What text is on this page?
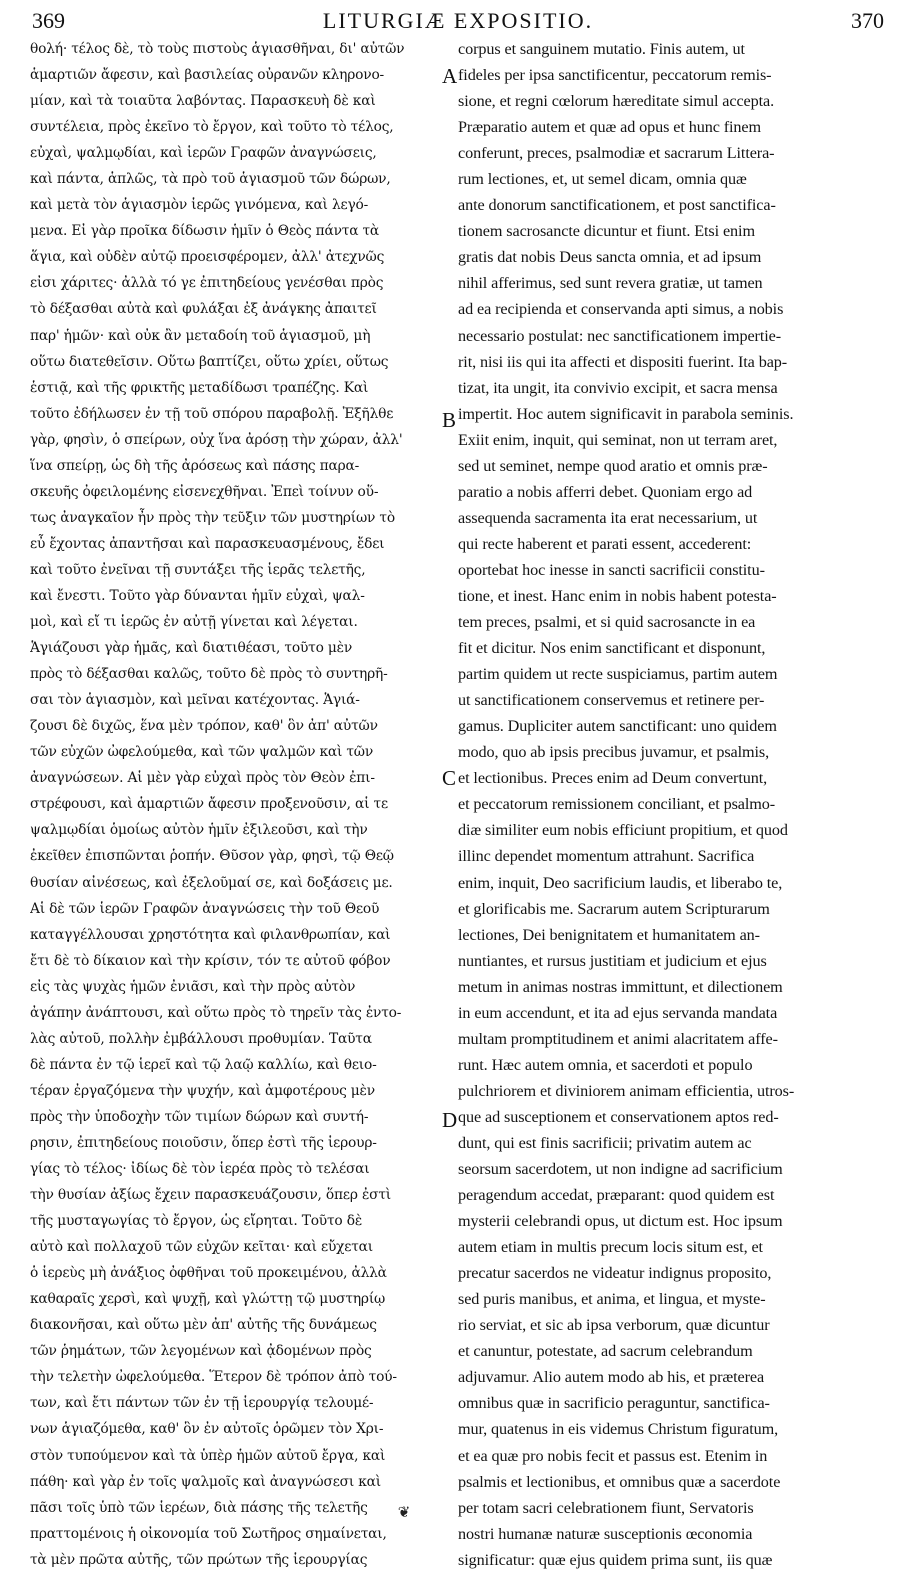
369	LITURGIÆ EXPOSITIO.	370
θολή· τέλος δὲ, τὸ τοὺς πιστοὺς ἁγιασθῆναι, δι' αὐτῶν
ἁμαρτιῶν ἄφεσιν, καὶ βασιλείας οὐρανῶν κληρονο-
μίαν, καὶ τὰ τοιαῦτα λαβόντας. Παρασκευὴ δὲ καὶ
συντέλεια, πρὸς ἐκεῖνο τὸ ἔργον, καὶ τοῦτο τὸ τέλος,
εὐχαὶ, ψαλμῳδίαι, καὶ ἱερῶν Γραφῶν ἀναγνώσεις,
καὶ πάντα, ἁπλῶς, τὰ πρὸ τοῦ ἁγιασμοῦ τῶν δώρων,
καὶ μετὰ τὸν ἁγιασμὸν ἱερῶς γινόμενα, καὶ λεγό-
μενα. Εἰ γὰρ προῖκα δίδωσιν ἡμῖν ὁ Θεὸς πάντα τὰ
ἅγια, καὶ οὐδὲν αὐτῷ προεισφέρομεν, ἀλλ' ἀτεχνῶς
εἰσι χάριτες· ἀλλὰ τό γε ἐπιτηδείους γενέσθαι πρὸς
τὸ δέξασθαι αὐτὰ καὶ φυλάξαι ἐξ ἀνάγκης ἀπαιτεῖ
παρ' ἡμῶν· καὶ οὐκ ἂν μεταδοίη τοῦ ἁγιασμοῦ, μὴ
οὕτω διατεθεῖσιν. Οὕτω βαπτίζει, οὕτω χρίει, οὕτως
ἑστιᾷ, καὶ τῆς φρικτῆς μεταδίδωσι τραπέζης. Καὶ
τοῦτο ἐδήλωσεν ἐν τῇ τοῦ σπόρου παραβολῇ. Ἐξῆλθε
γὰρ, φησὶν, ὁ σπείρων, οὐχ ἵνα ἀρόσῃ τὴν χώραν, ἀλλ'
ἵνα σπείρῃ, ὡς δὴ τῆς ἀρόσεως καὶ πάσης παρα-
σκευῆς ὀφειλομένης εἰσενεχθῆναι. Ἐπεὶ τοίνυν οὕ-
τως ἀναγκαῖον ἦν πρὸς τὴν τεῦξιν τῶν μυστηρίων τὸ
εὖ ἔχοντας ἀπαντῆσαι καὶ παρασκευασμένους, ἔδει
καὶ τοῦτο ἐνεῖναι τῇ συντάξει τῆς ἱερᾶς τελετῆς,
καὶ ἔνεστι. Τοῦτο γὰρ δύνανται ἡμῖν εὐχαὶ, ψαλ-
μοὶ, καὶ εἴ τι ἱερῶς ἐν αὐτῇ γίνεται καὶ λέγεται.
Ἁγιάζουσι γὰρ ἡμᾶς, καὶ διατιθέασι, τοῦτο μὲν
πρὸς τὸ δέξασθαι καλῶς, τοῦτο δὲ πρὸς τὸ συντηρῆ-
σαι τὸν ἁγιασμὸν, καὶ μεῖναι κατέχοντας. Ἁγιά-
ζουσι δὲ διχῶς, ἕνα μὲν τρόπον, καθ' ὃν ἀπ' αὐτῶν
τῶν εὐχῶν ὠφελούμεθα, καὶ τῶν ψαλμῶν καὶ τῶν
ἀναγνώσεων. Αἱ μὲν γὰρ εὐχαὶ πρὸς τὸν Θεὸν ἐπι-
στρέφουσι, καὶ ἁμαρτιῶν ἄφεσιν προξενοῦσιν, αἱ τε
ψαλμῳδίαι ὁμοίως αὐτὸν ἡμῖν ἐξιλεοῦσι, καὶ τὴν
ἐκεῖθεν ἐπισπῶνται ῥοπήν. Θῦσον γὰρ, φησὶ, τῷ Θεῷ
θυσίαν αἰνέσεως, καὶ ἐξελοῦμαί σε, καὶ δοξάσεις με.
Αἱ δὲ τῶν ἱερῶν Γραφῶν ἀναγνώσεις τὴν τοῦ Θεοῦ
καταγγέλλουσαι χρηστότητα καὶ φιλανθρωπίαν, καὶ
ἔτι δὲ τὸ δίκαιον καὶ τὴν κρίσιν, τόν τε αὐτοῦ φόβον
εἰς τὰς ψυχὰς ἡμῶν ἐνιᾶσι, καὶ τὴν πρὸς αὐτὸν
ἀγάπην ἀνάπτουσι, καὶ οὕτω πρὸς τὸ τηρεῖν τὰς ἐντο-
λὰς αὐτοῦ, πολλὴν ἐμβάλλουσι προθυμίαν. Ταῦτα
δὲ πάντα ἐν τῷ ἱερεῖ καὶ τῷ λαῷ καλλίω, καὶ θειο-
τέραν ἐργαζόμενα τὴν ψυχήν, καὶ ἀμφοτέρους μὲν
πρὸς τὴν ὑποδοχὴν τῶν τιμίων δώρων καὶ συντή-
ρησιν, ἐπιτηδείους ποιοῦσιν, ὅπερ ἐστὶ τῆς ἱερουρ-
γίας τὸ τέλος· ἰδίως δὲ τὸν ἱερέα πρὸς τὸ τελέσαι
τὴν θυσίαν ἀξίως ἔχειν παρασκευάζουσιν, ὅπερ ἐστὶ
τῆς μυσταγωγίας τὸ ἔργον, ὡς εἴρηται. Τοῦτο δὲ
αὐτὸ καὶ πολλαχοῦ τῶν εὐχῶν κεῖται· καὶ εὔχεται
ὁ ἱερεὺς μὴ ἀνάξιος ὀφθῆναι τοῦ προκειμένου, ἀλλὰ
καθαραῖς χερσὶ, καὶ ψυχῇ, καὶ γλώττῃ τῷ μυστηρίῳ
διακονῆσαι, καὶ οὕτω μὲν ἀπ' αὐτῆς τῆς δυνάμεως
τῶν ῥημάτων, τῶν λεγομένων καὶ ᾀδομένων πρὸς
τὴν τελετὴν ὠφελούμεθα. Ἕτερον δὲ τρόπον ἀπὸ τού-
των, καὶ ἔτι πάντων τῶν ἐν τῇ ἱερουργίᾳ τελουμέ-
νων ἁγιαζόμεθα, καθ' ὃν ἐν αὐτοῖς ὁρῶμεν τὸν Χρι-
στὸν τυπούμενον καὶ τὰ ὑπὲρ ἡμῶν αὐτοῦ ἔργα, καὶ
πάθη· καὶ γὰρ ἐν τοῖς ψαλμοῖς καὶ ἀναγνώσεσι καὶ
πᾶσι τοῖς ὑπὸ τῶν ἱερέων, διὰ πάσης τῆς τελετῆς
πραττομένοις ἡ οἰκονομία τοῦ Σωτῆρος σημαίνεται,
τὰ μὲν πρῶτα αὐτῆς, τῶν πρώτων τῆς ἱερουργίας
corpus et sanguinem mutatio. Finis autem, ut
fideles per ipsa sanctificentur, peccatorum remis-
sione, et regni cœlorum hæreditate simul accepta.
Præparatio autem et quæ ad opus et hunc finem
conferunt, preces, psalmodiæ et sacrarum Littera-
rum lectiones, et, ut semel dicam, omnia quæ
ante donorum sanctificationem, et post sanctifica-
tionem sacrosancte dicuntur et fiunt. Etsi enim
gratis dat nobis Deus sancta omnia, et ad ipsum
nihil afferimus, sed sunt revera gratiæ, ut tamen
ad ea recipienda et conservanda apti simus, a nobis
necessario postulat: nec sanctificationem impertie-
rit, nisi iis qui ita affecti et dispositi fuerint. Ita bap-
tizat, ita ungit, ita convivio excipit, et sacra mensa
impertit. Hoc autem significavit in parabola seminis.
Exiit enim, inquit, qui seminat, non ut terram aret,
sed ut seminet, nempe quod aratio et omnis præ-
paratio a nobis afferri debet. Quoniam ergo ad
assequenda sacramenta ita erat necessarium, ut
qui recte haberent et parati essent, accederent:
oportebat hoc inesse in sancti sacrificii constitu-
tione, et inest. Hanc enim in nobis habent potesta-
tem preces, psalmi, et si quid sacrosancte in ea
fit et dicitur. Nos enim sanctificant et disponunt,
partim quidem ut recte suspiciamus, partim autem
ut sanctificationem conservemus et retinere per-
gamus. Dupliciter autem sanctificant: uno quidem
modo, quo ab ipsis precibus juvamur, et psalmis,
et lectionibus. Preces enim ad Deum convertunt,
et peccatorum remissionem conciliant, et psalmo-
diæ similiter eum nobis efficiunt propitium, et quod
illinc dependet momentum attrahunt. Sacrifica
enim, inquit, Deo sacrificium laudis, et liberabo te,
et glorificabis me. Sacrarum autem Scripturarum
lectiones, Dei benignitatem et humanitatem an-
nuntiantes, et rursus justitiam et judicium et ejus
metum in animas nostras immittunt, et dilectionem
in eum accendunt, et ita ad ejus servanda mandata
multam promptitudinem et animi alacritatem affe-
runt. Hæc autem omnia, et sacerdoti et populo
pulchriorem et diviniorem animam efficientia, utros-
que ad susceptionem et conservationem aptos red-
dunt, qui est finis sacrificii; privatim autem ac
seorsum sacerdotem, ut non indigne ad sacrificium
peragendum accedat, præparant: quod quidem est
mysterii celebrandi opus, ut dictum est. Hoc ipsum
autem etiam in multis precum locis situm est, et
precatur sacerdos ne videatur indignus proposito,
sed puris manibus, et anima, et lingua, et myste-
rio serviat, et sic ab ipsa verborum, quæ dicuntur
et canuntur, potestate, ad sacrum celebrandum
adjuvamur. Alio autem modo ab his, et præterea
omnibus quæ in sacrificio peraguntur, sanctifica-
mur, quatenus in eis videmus Christum figuratum,
et ea quæ pro nobis fecit et passus est. Etenim in
psalmis et lectionibus, et omnibus quæ a sacerdote
per totam sacri celebrationem fiunt, Servatoris
nostri humanæ naturæ susceptionis œconomia
significatur: quæ ejus quidem prima sunt, iis quæ
A
B
C
D
❦
